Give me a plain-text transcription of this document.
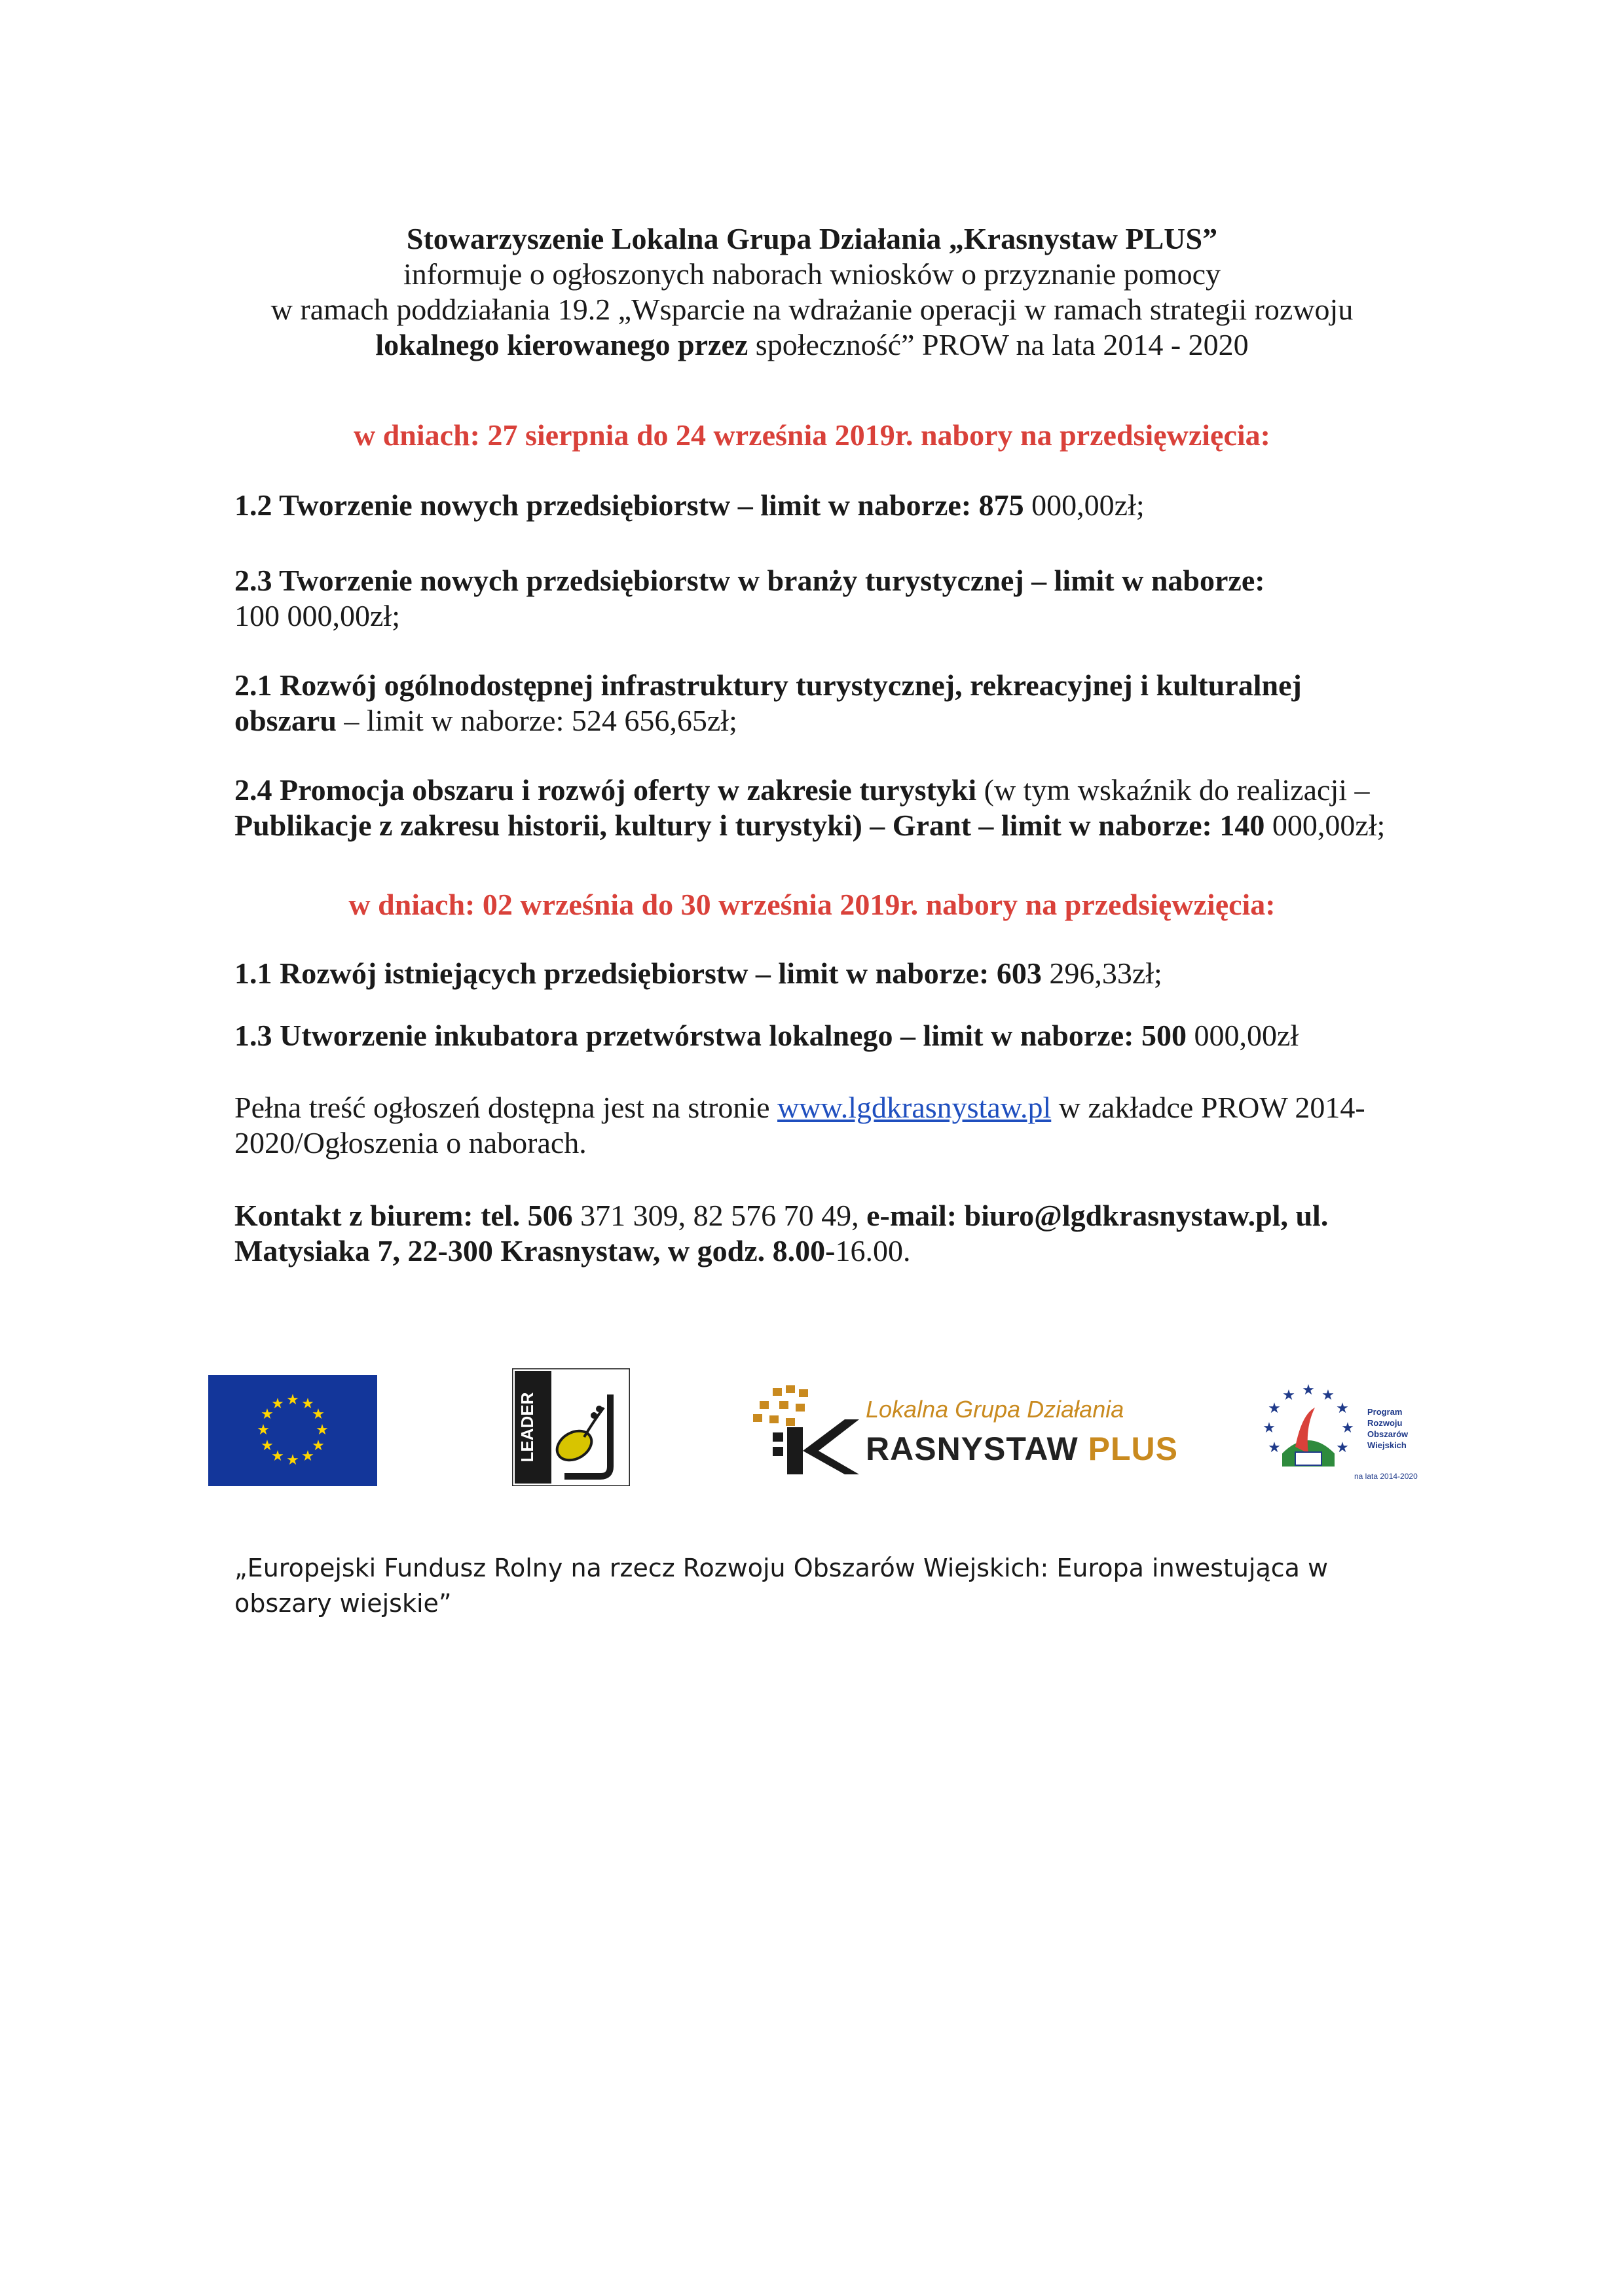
Stowarzyszenie Lokalna Grupa Działania „Krasnystaw PLUS”
informuje o ogłoszonych naborach wniosków o przyznanie pomocy
w ramach poddziałania 19.2 „Wsparcie na wdrażanie operacji w ramach strategii rozwoju
lokalnego kierowanego przez społeczność” PROW na lata 2014 - 2020
w dniach: 27 sierpnia do 24 września 2019r. nabory na przedsięwzięcia:
1.2 Tworzenie nowych przedsiębiorstw – limit w naborze: 875 000,00zł;
2.3 Tworzenie nowych przedsiębiorstw w branży turystycznej – limit w naborze:
100 000,00zł;
2.1 Rozwój ogólnodostępnej infrastruktury turystycznej, rekreacyjnej i kulturalnej
obszaru – limit w naborze: 524 656,65zł;
2.4 Promocja obszaru i rozwój oferty w zakresie turystyki (w tym wskaźnik do realizacji –
Publikacje z zakresu historii, kultury i turystyki) – Grant – limit w naborze: 140 000,00zł;
w dniach: 02 września do 30 września 2019r. nabory na przedsięwzięcia:
1.1 Rozwój istniejących przedsiębiorstw – limit w naborze: 603 296,33zł;
1.3 Utworzenie inkubatora przetwórstwa lokalnego – limit w naborze: 500 000,00zł
Pełna treść ogłoszeń dostępna jest na stronie www.lgdkrasnystaw.pl w zakładce PROW 2014-
2020/Ogłoszenia o naborach.
Kontakt z biurem: tel. 506 371 309, 82 576 70 49, e-mail: biuro@lgdkrasnystaw.pl, ul.
Matysiaka 7, 22-300 Krasnystaw, w godz. 8.00-16.00.
★ ★
★
★
★
★
★
★
★
★
★
★	LEADER	Lokalna Grupa Działania
RASNYSTAW PLUS
★ ★
★
★
★
★
★
★	★
Program
Rozwoju
Obszarów
Wiejskich
na lata 2014-2020
„Europejski Fundusz Rolny na rzecz Rozwoju Obszarów Wiejskich: Europa inwestująca w obszary wiejskie”
